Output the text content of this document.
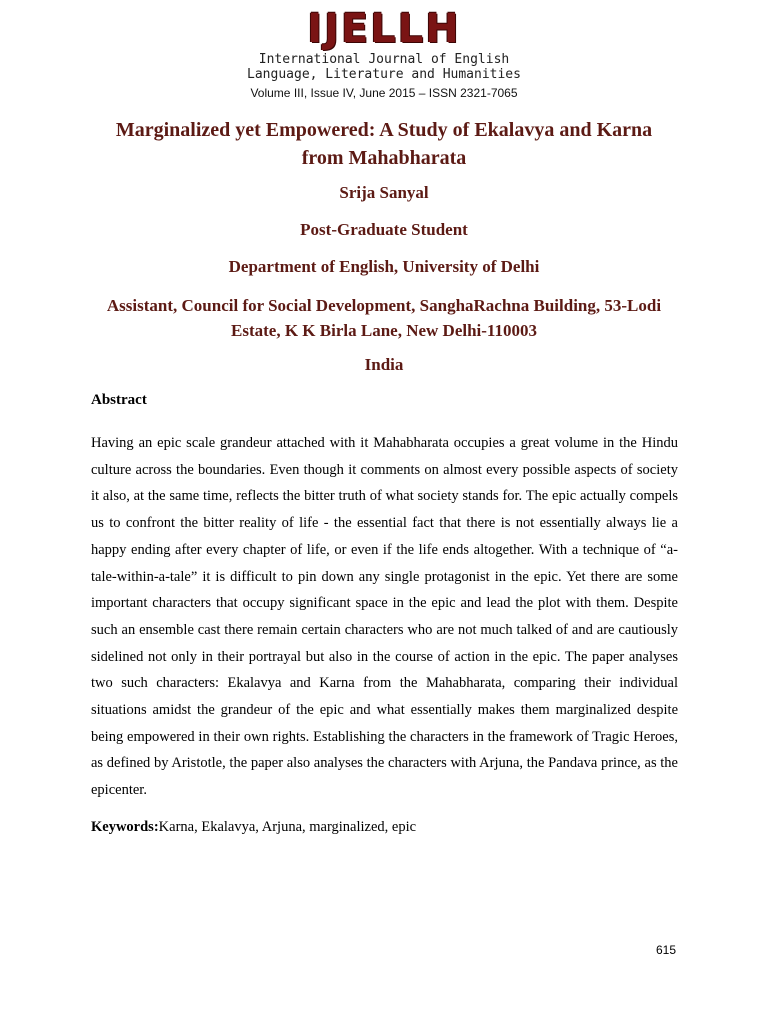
IJELLH
International Journal of English
Language, Literature and Humanities
Volume III, Issue IV, June 2015 – ISSN 2321-7065
Marginalized yet Empowered: A Study of Ekalavya and Karna
from Mahabharata
Srija Sanyal
Post-Graduate Student
Department of English, University of Delhi
Assistant, Council for Social Development, SanghaRachna Building, 53-Lodi
Estate, K K Birla Lane, New Delhi-110003
India
Abstract
Having an epic scale grandeur attached with it Mahabharata occupies a great volume in the Hindu culture across the boundaries. Even though it comments on almost every possible aspects of society it also, at the same time, reflects the bitter truth of what society stands for. The epic actually compels us to confront the bitter reality of life - the essential fact that there is not essentially always lie a happy ending after every chapter of life, or even if the life ends altogether. With a technique of “a-tale-within-a-tale” it is difficult to pin down any single protagonist in the epic. Yet there are some important characters that occupy significant space in the epic and lead the plot with them. Despite such an ensemble cast there remain certain characters who are not much talked of and are cautiously sidelined not only in their portrayal but also in the course of action in the epic. The paper analyses two such characters: Ekalavya and Karna from the Mahabharata, comparing their individual situations amidst the grandeur of the epic and what essentially makes them marginalized despite being empowered in their own rights. Establishing the characters in the framework of Tragic Heroes, as defined by Aristotle, the paper also analyses the characters with Arjuna, the Pandava prince, as the epicenter.
Keywords:Karna, Ekalavya, Arjuna, marginalized, epic
615
